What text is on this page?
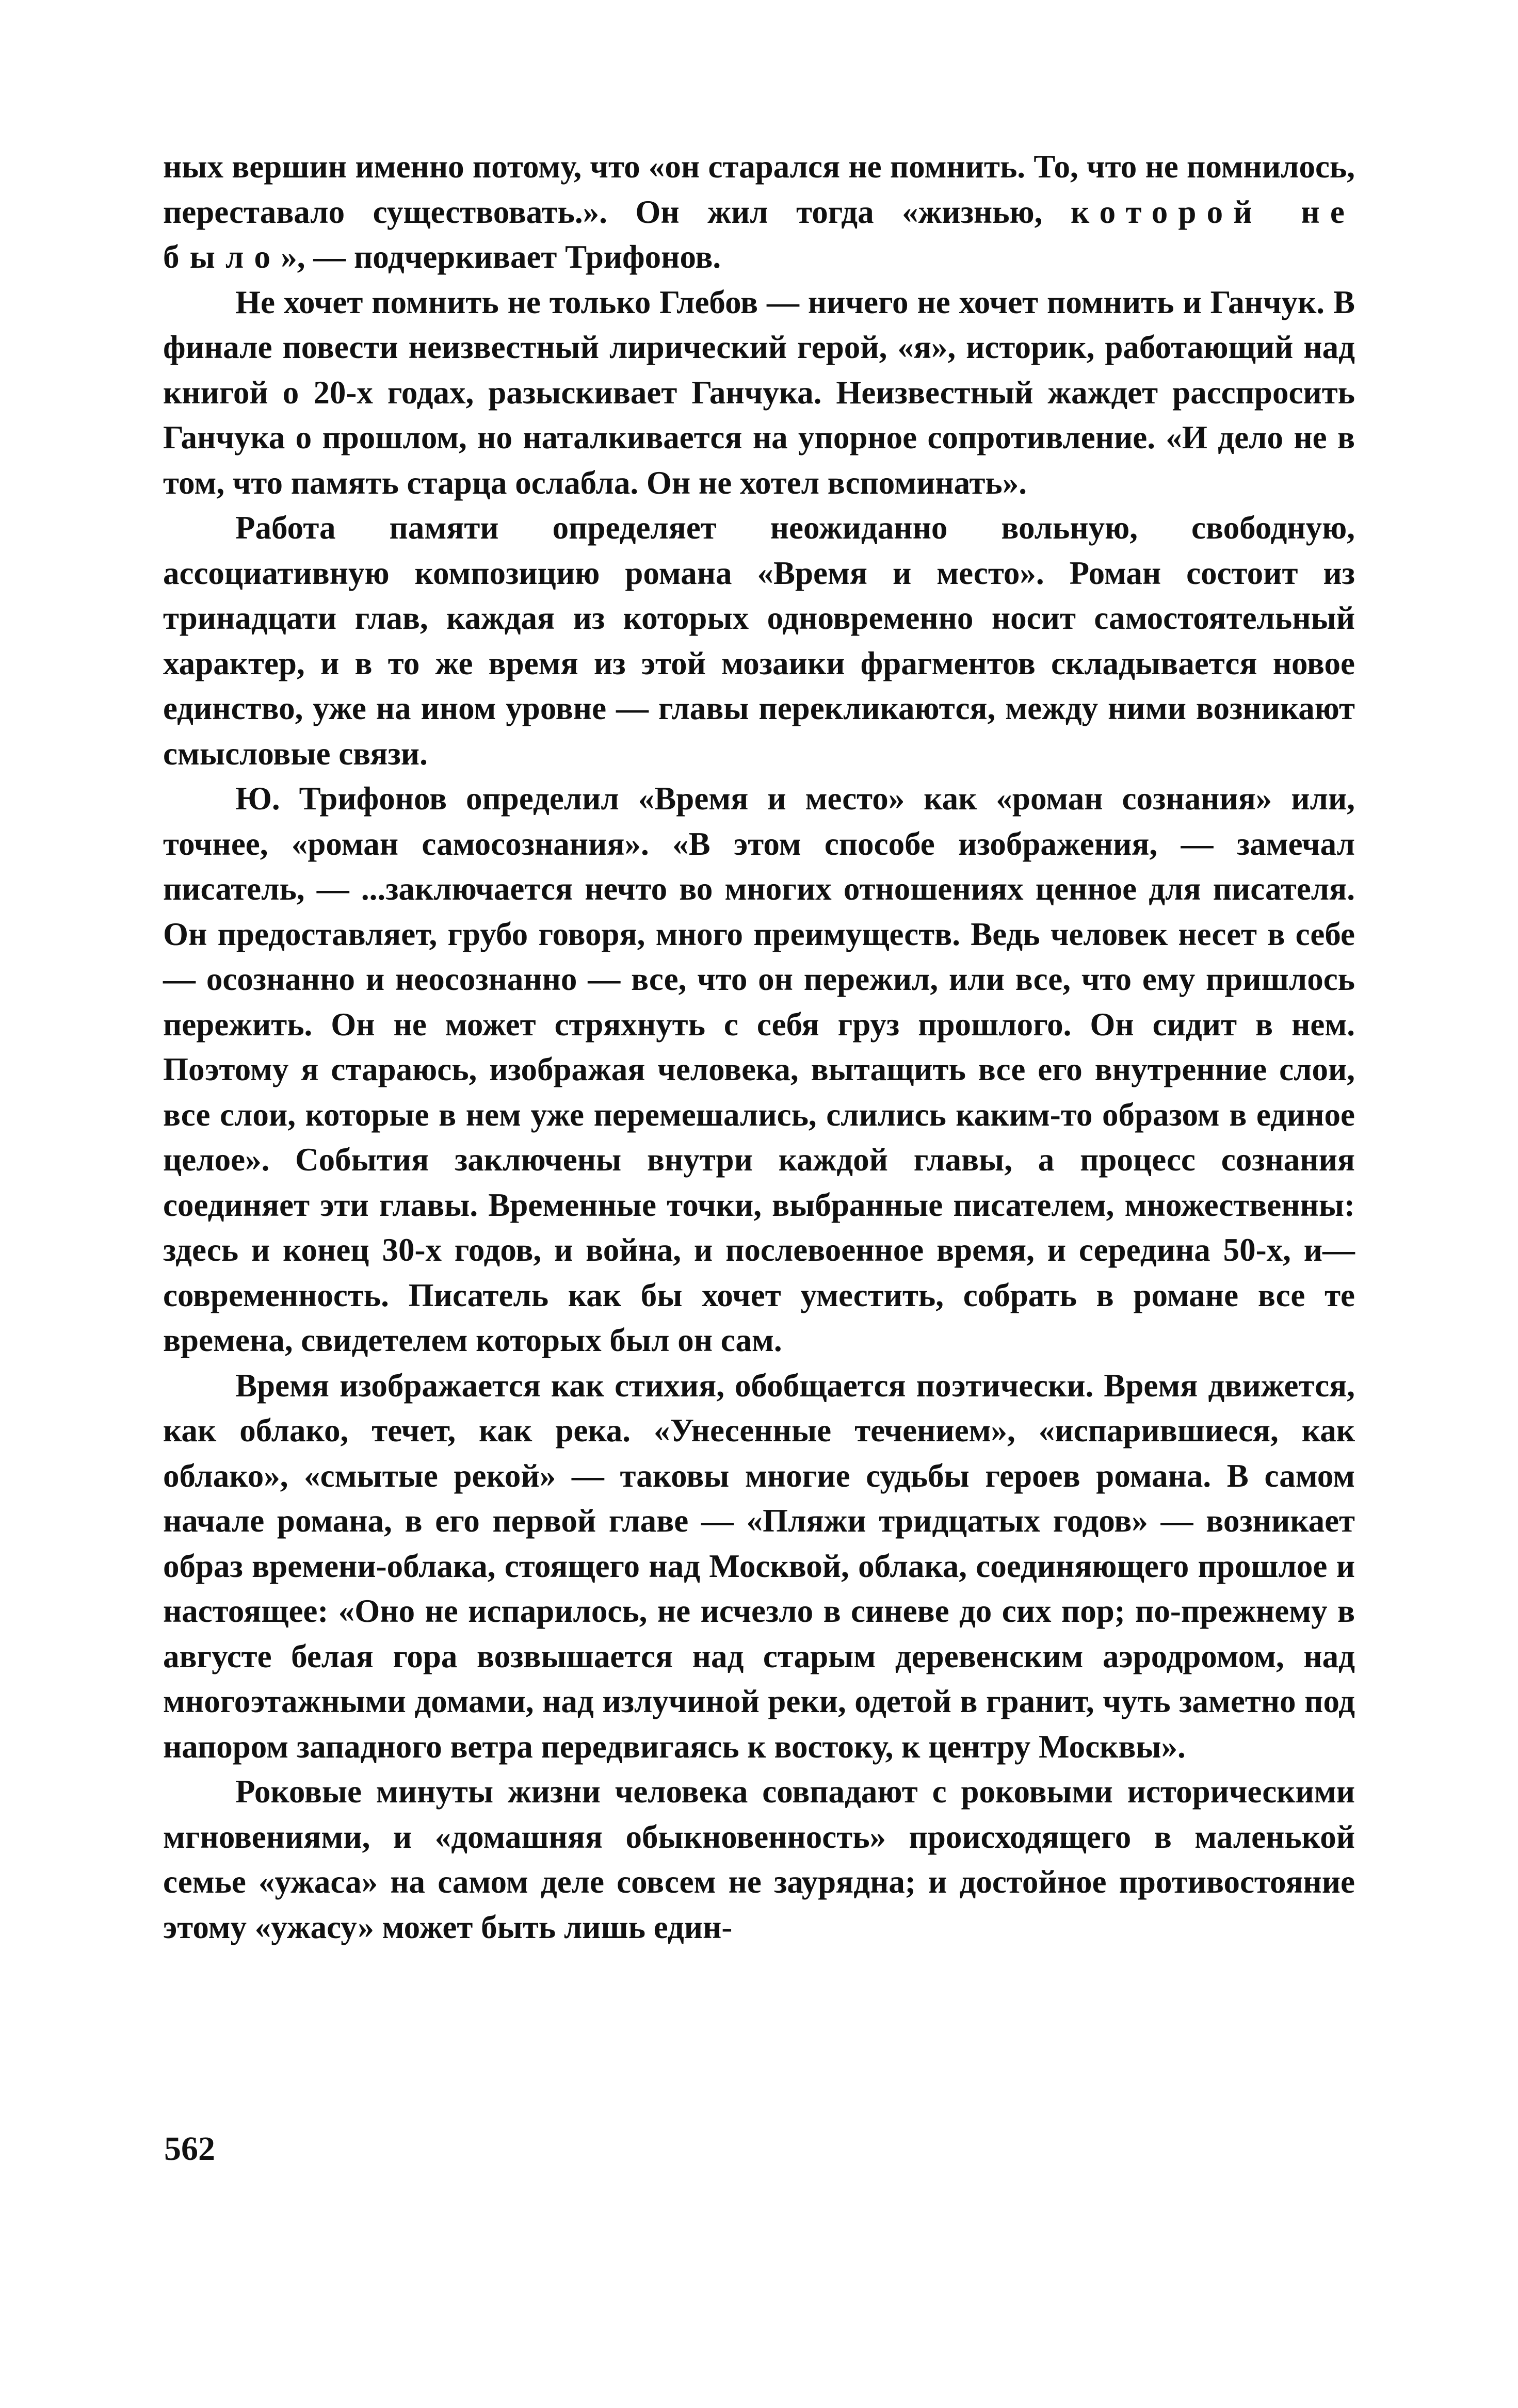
ных вершин именно потому, что «он старался не помнить. То, что не помнилось, переставало существовать.». Он жил тогда «жизнью, которой не было», — подчеркивает Трифонов.

Не хочет помнить не только Глебов — ничего не хочет помнить и Ганчук. В финале повести неизвестный лирический герой, «я», историк, работающий над книгой о 20-х годах, разыскивает Ганчука. Неизвестный жаждет расспросить Ганчука о прошлом, но наталкивается на упорное сопротивление. «И дело не в том, что память старца ослабла. Он не хотел вспоминать».

Работа памяти определяет неожиданно вольную, свободную, ассоциативную композицию романа «Время и место». Роман состоит из тринадцати глав, каждая из которых одновременно носит самостоятельный характер, и в то же время из этой мозаики фрагментов складывается новое единство, уже на ином уровне — главы перекликаются, между ними возникают смысловые связи.

Ю. Трифонов определил «Время и место» как «роман сознания» или, точнее, «роман самосознания». «В этом способе изображения, — замечал писатель, — ...заключается нечто во многих отношениях ценное для писателя. Он предоставляет, грубо говоря, много преимуществ. Ведь человек несет в себе — осознанно и неосознанно — все, что он пережил, или все, что ему пришлось пережить. Он не может стряхнуть с себя груз прошлого. Он сидит в нем. Поэтому я стараюсь, изображая человека, вытащить все его внутренние слои, все слои, которые в нем уже перемешались, слились каким-то образом в единое целое». События заключены внутри каждой главы, а процесс сознания соединяет эти главы. Временные точки, выбранные писателем, множественны: здесь и конец 30-х годов, и война, и послевоенное время, и середина 50-х, и—современность. Писатель как бы хочет уместить, собрать в романе все те времена, свидетелем которых был он сам.

Время изображается как стихия, обобщается поэтически. Время движется, как облако, течет, как река. «Унесенные течением», «испарившиеся, как облако», «смытые рекой» — таковы многие судьбы героев романа. В самом начале романа, в его первой главе — «Пляжи тридцатых годов» — возникает образ времени-облака, стоящего над Москвой, облака, соединяющего прошлое и настоящее: «Оно не испарилось, не исчезло в синеве до сих пор; по-прежнему в августе белая гора возвышается над старым деревенским аэродромом, над многоэтажными домами, над излучиной реки, одетой в гранит, чуть заметно под напором западного ветра передвигаясь к востоку, к центру Москвы».

Роковые минуты жизни человека совпадают с роковыми историческими мгновениями, и «домашняя обыкновенность» происходящего в маленькой семье «ужаса» на самом деле совсем не заурядна; и достойное противостояние этому «ужасу» может быть лишь един-

562
